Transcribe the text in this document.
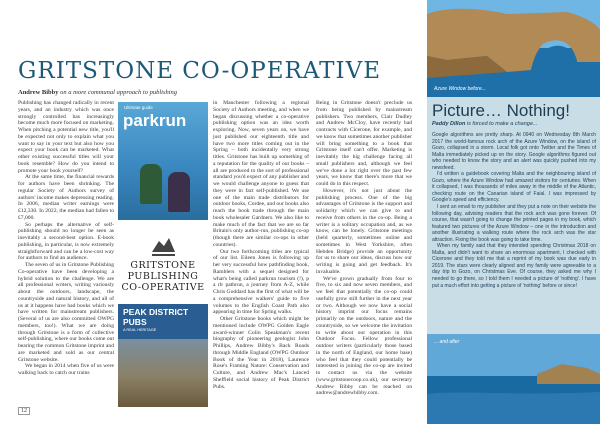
GRITSTONE CO-OPERATIVE
Andrew Bibby on a more communal approach to publishing

Publishing has changed radically in recent years, and an industry which was once strongly controlled has increasingly become much more focused on marketing. When pitching a potential new title, you'll be expected not only to explain what you want to say in your text but also how you expect your book can be marketed. What other existing successful titles will your book resemble? How do you intend to promote your book yourself?

At the same time, the financial rewards for authors have been shrinking. The regular Society of Authors survey of authors' income makes depressing reading. In 2006, median writer earnings were £12,330. In 2022, the median had fallen to £7,000.

So perhaps the alternative of self-publishing should no longer be seen as inevitably a second-best option. E-book publishing, in particular, is now extremely straightforward and can be a low-cost way for authors to find an audience.

The seven of us in Gritstone Publishing Co-operative have been developing a hybrid solution to the challenge. We are all professional writers, writing variously about the outdoors, landscape, the countryside and natural history, and all of us at it happens have had books which we have written for mainstream publishers. (Several of us are also committed OWPG members, too!). What we are doing through Gritstone is a form of collective self-publishing, where our books come out bearing the common Gritstone imprint and are marketed and sold as our central Gritstone website.

We began in 2014 when five of us were walking back to catch our trains

Ultimate guide
parkrun
GRITSTONE
PUBLISHING
CO-OPERATIVE
PEAK DISTRICT PUBS
A REAL HERITAGE

in Manchester following a regional Society of Authors meeting, and when we began discussing whether a co-operative publishing option was an idea worth exploring. Now, seven years on, we have just published our eighteenth title and have two more titles coming out in the Spring – both incidentally very strong titles. Gritstone has built up something of a reputation for the quality of our books – all are produced to the sort of professional standard you'd expect of any publisher and we would challenge anyone to guess that they were in fact self-published. We use one of the main trade distributors for outdoor books, Cordee, and our books also reach the book trade through the main book wholesaler Gardners. We also like to make much of the fact that we are so far Britain's only author-run, publishing co-op (though there are similar co-ops in other countries).

Our two forthcoming titles are typical of our list. Eileen Jones is following up her very successful how pathfinding book, Ramblers with a sequel designed for what's being called parkrun tourism (!), p a rlr pathrun, a journey from A-Z, while Chris Goddard has the first of what will be a comprehensive walkers' guide to five volumes to the English Coast Path also appearing in time for Spring walks.

Other Gritstone books which might be mentioned include OWPG Golden Eagle award-winner Colin Speakman's recent biography of pioneering geologist John Phillips, Andrew Bibby's Back Roads through Middle England (OWPG Outdoor Book of the Year in 2018), Laurence Rose's Framing Nature: Conservation and Culture, and Andrew Mac's Lanced Sheffield social history of Peak District Pubs.

Being in Gritstone doesn't preclude us from being published by mainstream publishers. Two members, Clair Dudley and Andrew McCloy, have recently had contracts with Cicerone, for example, and we know that sometimes another publisher will bring something to a book that Gritstone itself can't offer. Marketing is inevitably the big challenge facing all small publishers and, although we feel we've done a lot right over the past few years, we know that there's more that we could do in this respect.

However, it's not just about the publishing process. One of the big advantages of Gritstone is the support and solidarity which we can give to and receive from others in the co-op. Being a writer is a solitary occupation and, as we know, can be lonely. Gritstone meetings (held quarterly, sometimes online and sometimes in West Yorkshire, often Hebden Bridge) provide an opportunity for us to share our ideas, discuss how our writing is going and get feedback. It's invaluable.

We've grown gradually from four to five, to six and now seven members, and we feel that potentially the co-op could usefully grow still further in the next year or two. Although we now have a social history imprint our focus remains primarily on the outdoors, nature and the countryside, so we welcome the invitation to write about our operation in this Outdoor Focus. Fellow professional outdoor writers (particularly those based in the north of England, our home base) who feel that they could potentially be interested in joining the co-op are invited to contact us via the website (www.gritstonecoop.co.uk), our secretary Andrew Bibby can be reached on andrew@andrewbibby.com.

12
Azure Window before...
Picture… Nothing!
Paddy Dillon is forced to make a change...

Google algorithms are pretty sharp. At 0940 on Wednesday 8th March 2017 the world-famous rock arch of the Azure Window, on the island of Gozo, collapsed in a storm. Local folk got onto Twitter and the Times of Malta immediately picked up on the story. Google algorithms figured out who needed to know the story and an alert was quickly pushed into my newsfeed.

I'd written a guidebook covering Malta and the neighbouring island of Gozo, where the Azure Window had amazed visitors for centuries. When it collapsed, I was thousands of miles away in the middle of the Atlantic, checking route on the Canarian island of Faial. I was impressed by Google's speed and efficiency.

I sent an email to my publisher and they put a note on their website the following day, advising readers that the rock arch was gone forever. Of course, that wasn't going to change the printed pages in my book, which featured two pictures of the Azure Window – one in the introduction and another illustrating a walking route where the rock arch was the star attraction. Fixing the book was going to take time.

When my family said that they intended spending Christmas 2018 on Malta, and didn't want to share an enormous apartment, I checked with Cicerone and they told me that a reprint of my book was due early in 2019. The stars were clearly aligned and my family were agreeable to a day trip to Gozo, on Christmas Eve. Of course, they asked me why I needed to go there, so I told them I needed a picture of 'nothing'. I have put a much effort into getting a picture of 'nothing' before or since!

... and after
